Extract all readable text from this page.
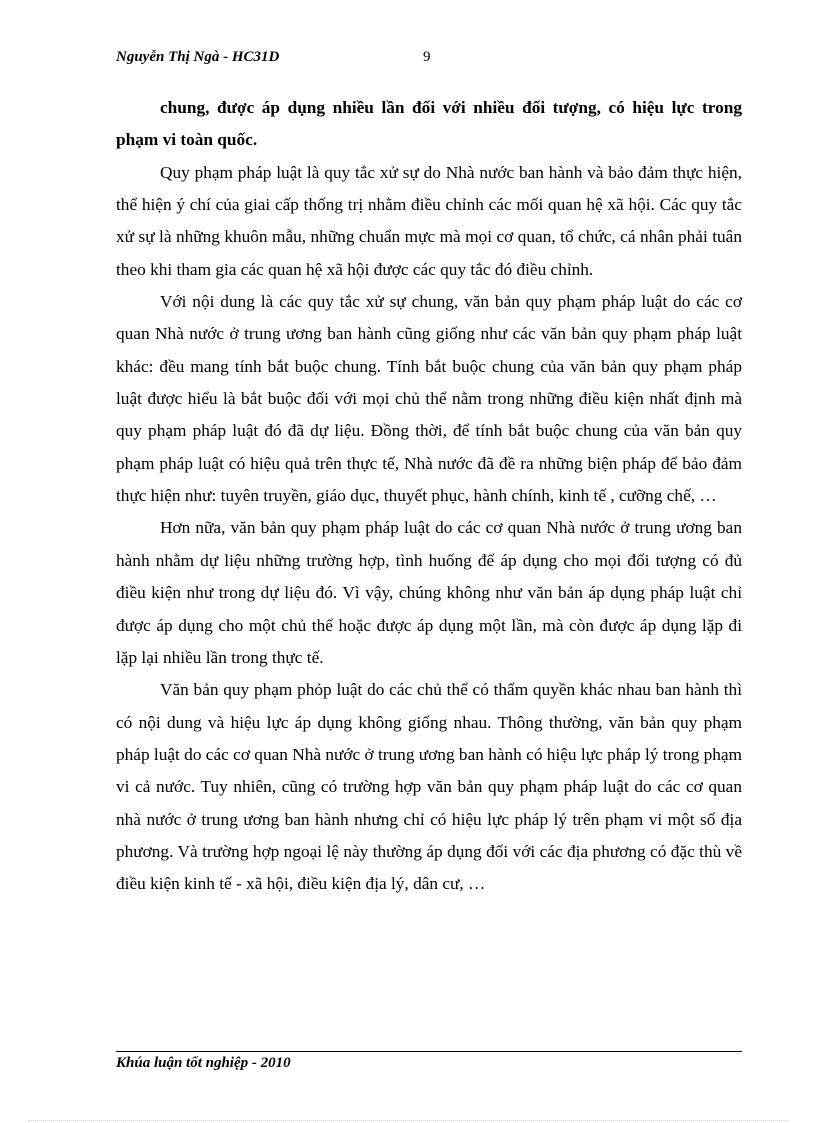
Nguyễn Thị Ngà - HC31D	9

chung, được áp dụng nhiều lần đối với nhiều đối tượng, có hiệu lực trong phạm vi toàn quốc.

Quy phạm pháp luật là quy tắc xử sự do Nhà nước ban hành và bảo đảm thực hiện, thể hiện ý chí của giai cấp thống trị nhằm điều chỉnh các mối quan hệ xã hội. Các quy tắc xử sự là những khuôn mẫu, những chuẩn mực mà mọi cơ quan, tổ chức, cá nhân phải tuân theo khi tham gia các quan hệ xã hội được các quy tắc đó điều chỉnh.

Với nội dung là các quy tắc xử sự chung, văn bản quy phạm pháp luật do các cơ quan Nhà nước ở trung ương ban hành cũng giống như các văn bản quy phạm pháp luật khác: đều mang tính bắt buộc chung. Tính bắt buộc chung của văn bản quy phạm pháp luật được hiểu là bắt buộc đối với mọi chủ thể nằm trong những điều kiện nhất định mà quy phạm pháp luật đó đã dự liệu. Đồng thời, để tính bắt buộc chung của văn bản quy phạm pháp luật có hiệu quả trên thực tế, Nhà nước đã đề ra những biện pháp để bảo đảm thực hiện như: tuyên truyền, giáo dục, thuyết phục, hành chính, kinh tế , cưỡng chế, …

Hơn nữa, văn bản quy phạm pháp luật do các cơ quan Nhà nước ở trung ương ban hành nhằm dự liệu những trường hợp, tình huống để áp dụng cho mọi đối tượng có đủ điều kiện như trong dự liệu đó. Vì vậy, chúng không như văn bản áp dụng pháp luật chỉ được áp dụng cho một chủ thể hoặc được áp dụng một lần, mà còn được áp dụng lặp đi lặp lại nhiều lần trong thực tế.

Văn bản quy phạm phỏp luật do các chủ thể có thẩm quyền khác nhau ban hành thì có nội dung và hiệu lực áp dụng không giống nhau. Thông thường, văn bản quy phạm pháp luật do các cơ quan Nhà nước ở trung ương ban hành có hiệu lực pháp lý trong phạm vi cả nước. Tuy nhiên, cũng có trường hợp văn bản quy phạm pháp luật do các cơ quan nhà nước ở trung ương ban hành nhưng chỉ có hiệu lực pháp lý trên phạm vi một số địa phương. Và trường hợp ngoại lệ này thường áp dụng đối với các địa phương có đặc thù về điều kiện kinh tế - xã hội, điều kiện địa lý, dân cư, …

Khúa luận tốt nghiệp - 2010
